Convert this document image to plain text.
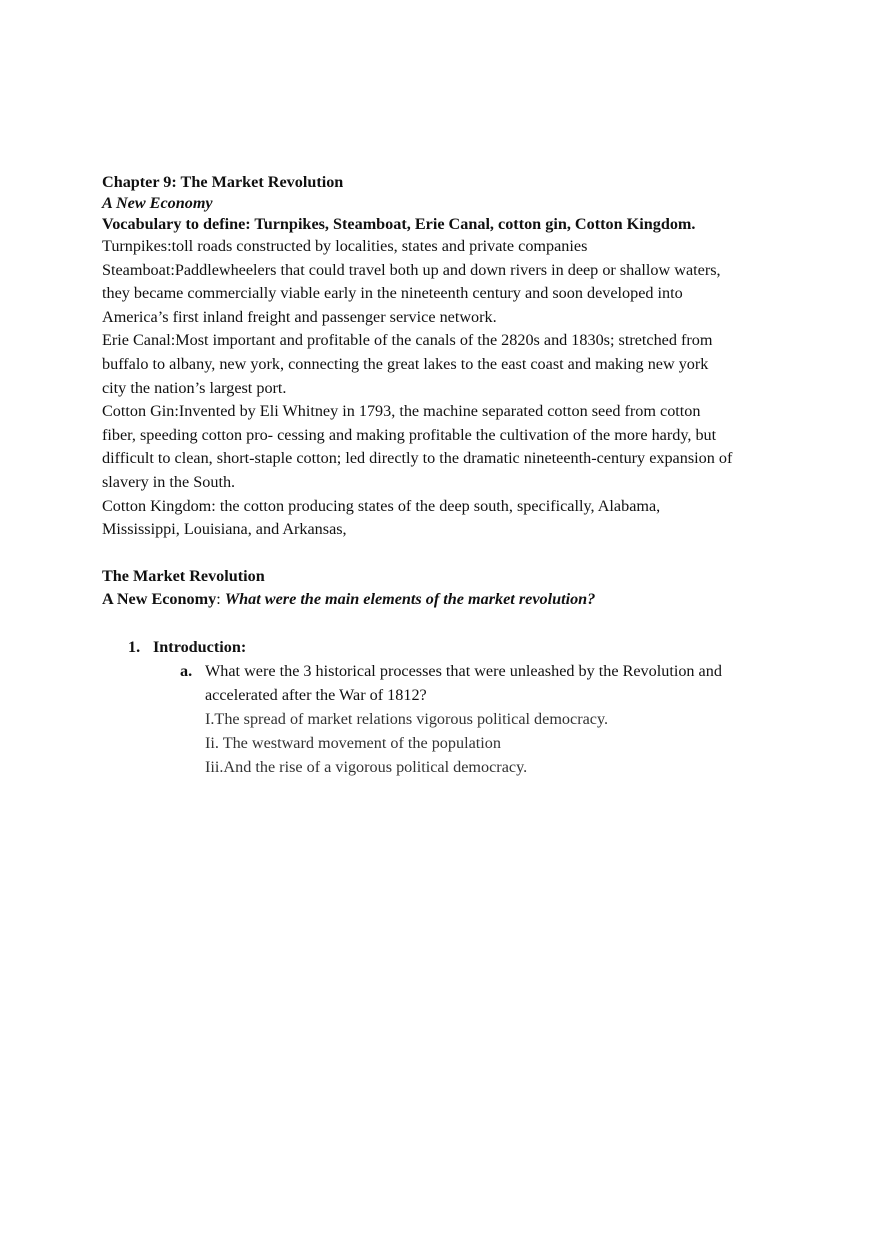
Chapter 9: The Market Revolution
A New Economy
Vocabulary to define: Turnpikes, Steamboat, Erie Canal, cotton gin, Cotton Kingdom.
Turnpikes:toll roads constructed by localities, states and private companies
Steamboat:Paddlewheelers that could travel both up and down rivers in deep or shallow waters,
they became commercially viable early in the nineteenth century and soon developed into
America’s first inland freight and passenger service network.
Erie Canal:Most important and profitable of the canals of the 2820s and 1830s; stretched from
buffalo to albany, new york, connecting the great lakes to the east coast and making new york
city the nation’s largest port.
Cotton Gin:Invented by Eli Whitney in 1793, the machine separated cotton seed from cotton
fiber, speeding cotton pro- cessing and making profitable the cultivation of the more hardy, but
difficult to clean, short-staple cotton; led directly to the dramatic nineteenth-century expansion of
slavery in the South.
Cotton Kingdom: the cotton producing states of the deep south, specifically, Alabama,
Mississippi, Louisiana, and Arkansas,
The Market Revolution
A New Economy: What were the main elements of the market revolution?
1. Introduction:
a. What were the 3 historical processes that were unleashed by the Revolution and
accelerated after the War of 1812?
I.The spread of market relations vigorous political democracy.
Ii. The westward movement of the population
Iii.And the rise of a vigorous political democracy.
